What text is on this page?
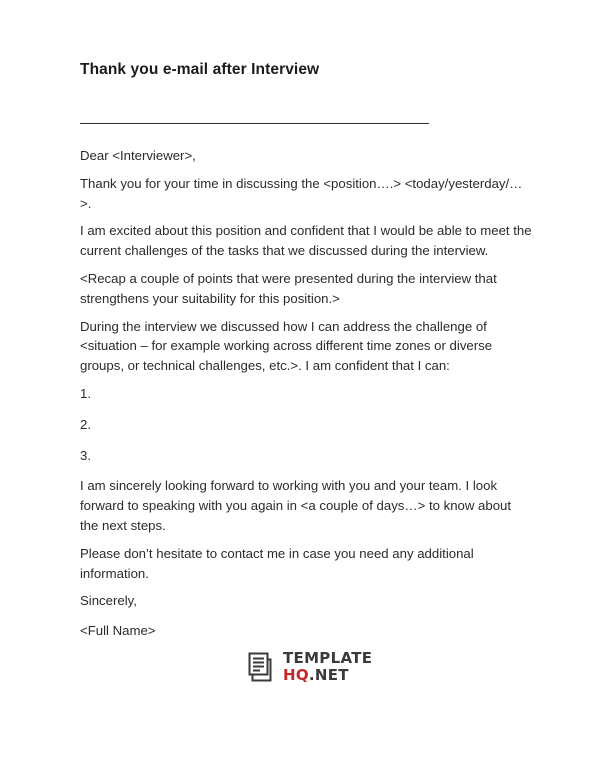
Thank you e-mail after Interview
———————————————————————————

Dear <Interviewer>,

Thank you for your time in discussing the <position….> <today/yesterday/…>.

I am excited about this position and confident that I would be able to meet the current challenges of the tasks that we discussed during the interview.

<Recap a couple of points that were presented during the interview that strengthens your suitability for this position.>

During the interview we discussed how I can address the challenge of <situation – for example working across different time zones or diverse groups, or technical challenges, etc.>. I am confident that I can:

1.
2.
3.

I am sincerely looking forward to working with you and your team. I look forward to speaking with you again in <a couple of days…> to know about the next steps.

Please don’t hesitate to contact me in case you need any additional information.

Sincerely,

<Full Name>

TEMPLATE
HQ.NET
